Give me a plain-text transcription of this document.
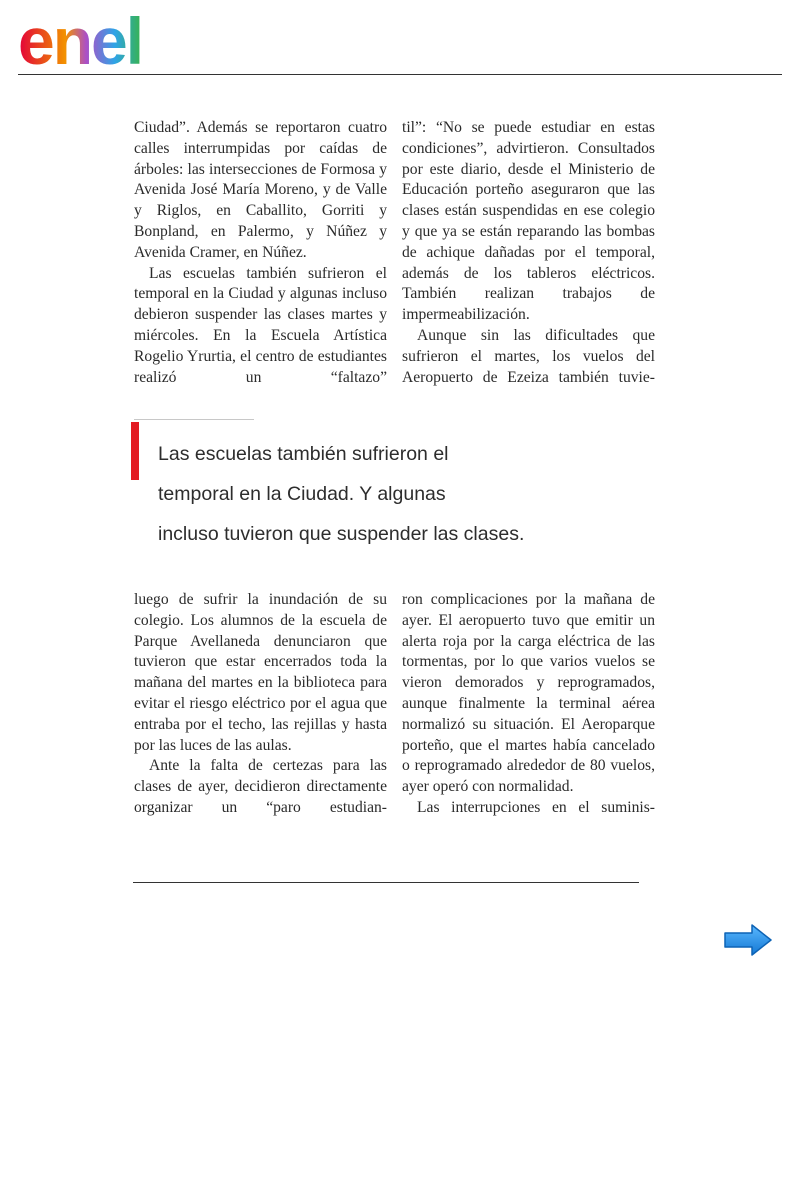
enel

Ciudad”. Además se reportaron cuatro calles interrumpidas por caídas de árboles: las intersecciones de Formosa y Avenida José María Moreno, y de Valle y Riglos, en Caballito, Gorriti y Bonpland, en Palermo, y Núñez y Avenida Cramer, en Núñez.

Las escuelas también sufrieron el temporal en la Ciudad y algunas incluso debieron suspender las clases martes y miércoles. En la Escuela Artística Rogelio Yrurtia, el centro de estudiantes realizó un “faltazo”

til”: “No se puede estudiar en estas condiciones”, advirtieron. Consultados por este diario, desde el Ministerio de Educación porteño aseguraron que las clases están suspendidas en ese colegio y que ya se están reparando las bombas de achique dañadas por el temporal, además de los tableros eléctricos. También realizan trabajos de impermeabilización.

Aunque sin las dificultades que sufrieron el martes, los vuelos del Aeropuerto de Ezeiza también tuvie-

Las escuelas también sufrieron el
temporal en la Ciudad. Y algunas
incluso tuvieron que suspender las clases.

luego de sufrir la inundación de su colegio. Los alumnos de la escuela de Parque Avellaneda denunciaron que tuvieron que estar encerrados toda la mañana del martes en la biblioteca para evitar el riesgo eléctrico por el agua que entraba por el techo, las rejillas y hasta por las luces de las aulas.

Ante la falta de certezas para las clases de ayer, decidieron directamente organizar un “paro estudian-

ron complicaciones por la mañana de ayer. El aeropuerto tuvo que emitir un alerta roja por la carga eléctrica de las tormentas, por lo que varios vuelos se vieron demorados y reprogramados, aunque finalmente la terminal aérea normalizó su situación. El Aeroparque porteño, que el martes había cancelado o reprogramado alrededor de 80 vuelos, ayer operó con normalidad.

Las interrupciones en el suminis-
